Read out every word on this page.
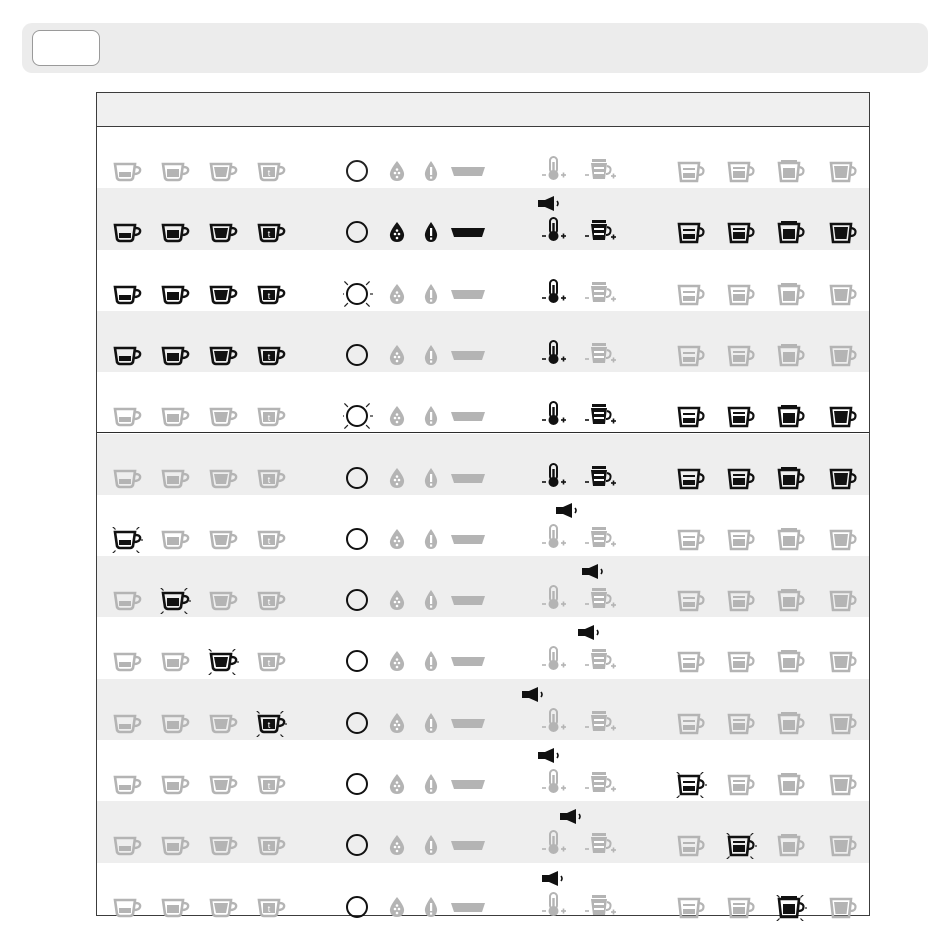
t
t
t
t
t
t
t
t
t
t
t
t
t
